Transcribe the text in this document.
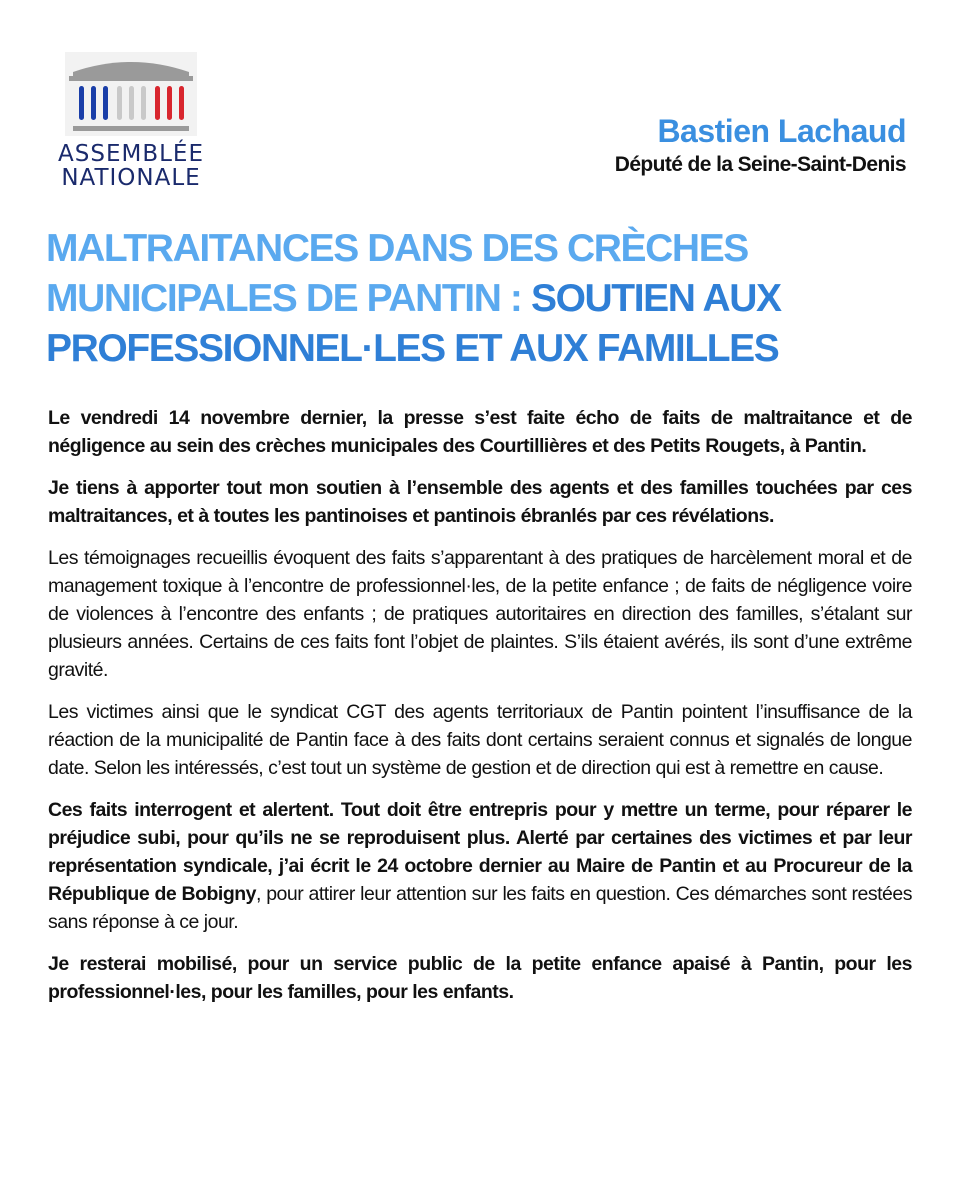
ASSEMBLÉE
NATIONALE
Bastien Lachaud
Député de la Seine-Saint-Denis
MALTRAITANCES DANS DES CRÈCHES MUNICIPALES DE PANTIN : SOUTIEN AUX PROFESSIONNEL·LES ET AUX FAMILLES

Le vendredi 14 novembre dernier, la presse s’est faite écho de faits de maltraitance et de négligence au sein des crèches municipales des Courtillières et des Petits Rougets, à Pantin.

Je tiens à apporter tout mon soutien à l’ensemble des agents et des familles touchées par ces maltraitances, et à toutes les pantinoises et pantinois ébranlés par ces révélations.

Les témoignages recueillis évoquent des faits s’apparentant à des pratiques de harcèlement moral et de management toxique à l’encontre de professionnel·les, de la petite enfance ; de faits de négligence voire de violences à l’encontre des enfants ; de pratiques autoritaires en direction des familles, s’étalant sur plusieurs années. Certains de ces faits font l’objet de plaintes. S’ils étaient avérés, ils sont d’une extrême gravité.

Les victimes ainsi que le syndicat CGT des agents territoriaux de Pantin pointent l’insuffisance de la réaction de la municipalité de Pantin face à des faits dont certains seraient connus et signalés de longue date. Selon les intéressés, c’est tout un système de gestion et de direction qui est à remettre en cause.

Ces faits interrogent et alertent. Tout doit être entrepris pour y mettre un terme, pour réparer le préjudice subi, pour qu’ils ne se reproduisent plus. Alerté par certaines des victimes et par leur représentation syndicale, j’ai écrit le 24 octobre dernier au Maire de Pantin et au Procureur de la République de Bobigny, pour attirer leur attention sur les faits en question. Ces démarches sont restées sans réponse à ce jour.

Je resterai mobilisé, pour un service public de la petite enfance apaisé à Pantin, pour les professionnel·les, pour les familles, pour les enfants.
